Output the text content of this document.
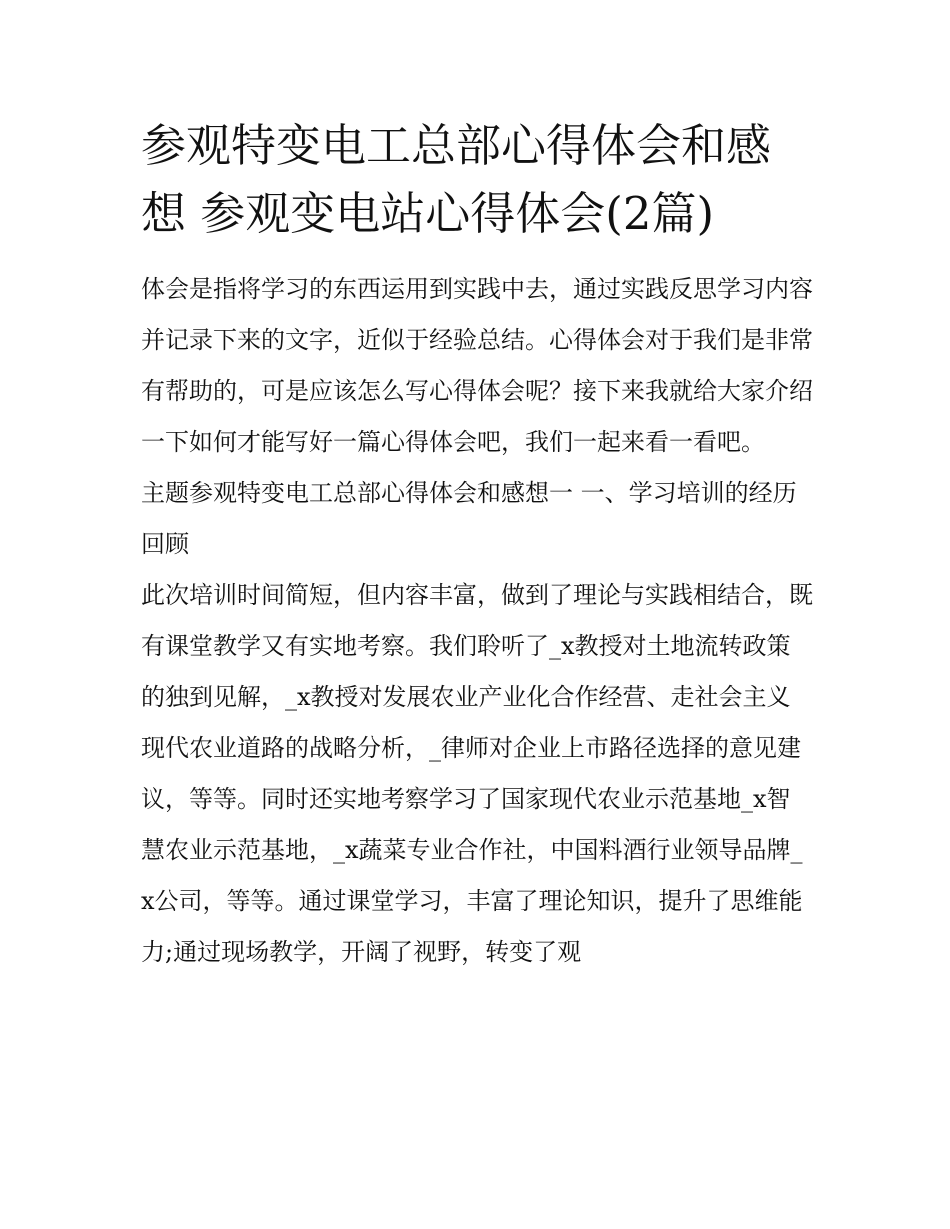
参观特变电工总部心得体会和感想 参观变电站心得体会(2篇)

体会是指将学习的东西运用到实践中去，通过实践反思学习内容并记录下来的文字，近似于经验总结。心得体会对于我们是非常有帮助的，可是应该怎么写心得体会呢？接下来我就给大家介绍一下如何才能写好一篇心得体会吧，我们一起来看一看吧。

主题参观特变电工总部心得体会和感想一 一、学习培训的经历回顾

此次培训时间简短，但内容丰富，做到了理论与实践相结合，既有课堂教学又有实地考察。我们聆听了_x教授对土地流转政策的独到见解，_x教授对发展农业产业化合作经营、走社会主义现代农业道路的战略分析，_律师对企业上市路径选择的意见建议，等等。同时还实地考察学习了国家现代农业示范基地_x智慧农业示范基地，_x蔬菜专业合作社，中国料酒行业领导品牌_x公司，等等。通过课堂学习，丰富了理论知识，提升了思维能力;通过现场教学，开阔了视野，转变了观
